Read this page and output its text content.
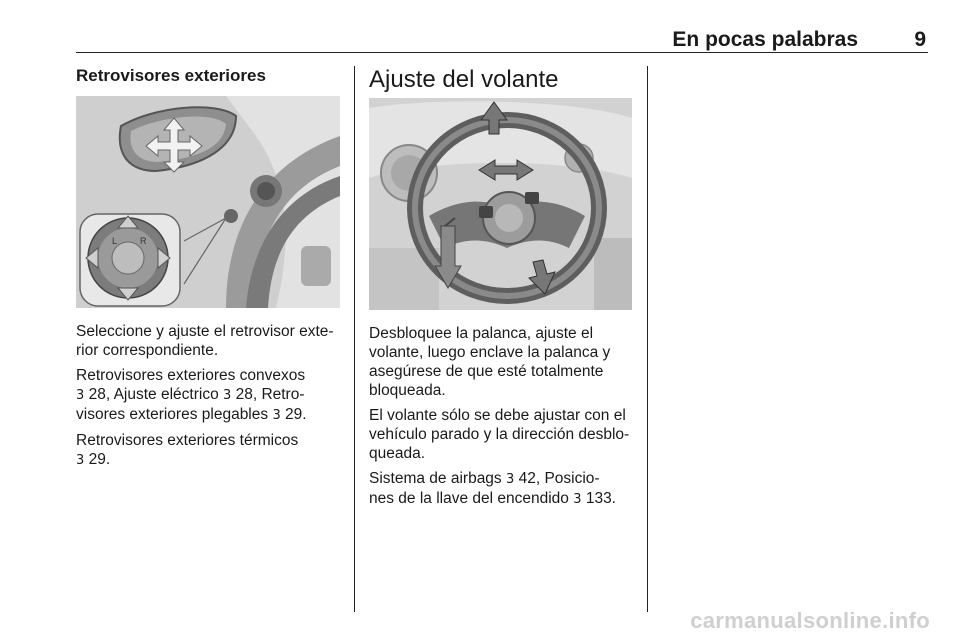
En pocas palabras	9
Retrovisores exteriores
L	R

Seleccione y ajuste el retrovisor exte-
rior correspondiente.

Retrovisores exteriores convexos
3 28, Ajuste eléctrico 3 28, Retro-
visores exteriores plegables 3 29.

Retrovisores exteriores térmicos
3 29.

Ajuste del volante

Desbloquee la palanca, ajuste el
volante, luego enclave la palanca y
asegúrese de que esté totalmente
bloqueada.

El volante sólo se debe ajustar con el
vehículo parado y la dirección desblo-
queada.

Sistema de airbags 3 42, Posicio-
nes de la llave del encendido 3 133.

carmanualsonline.info
